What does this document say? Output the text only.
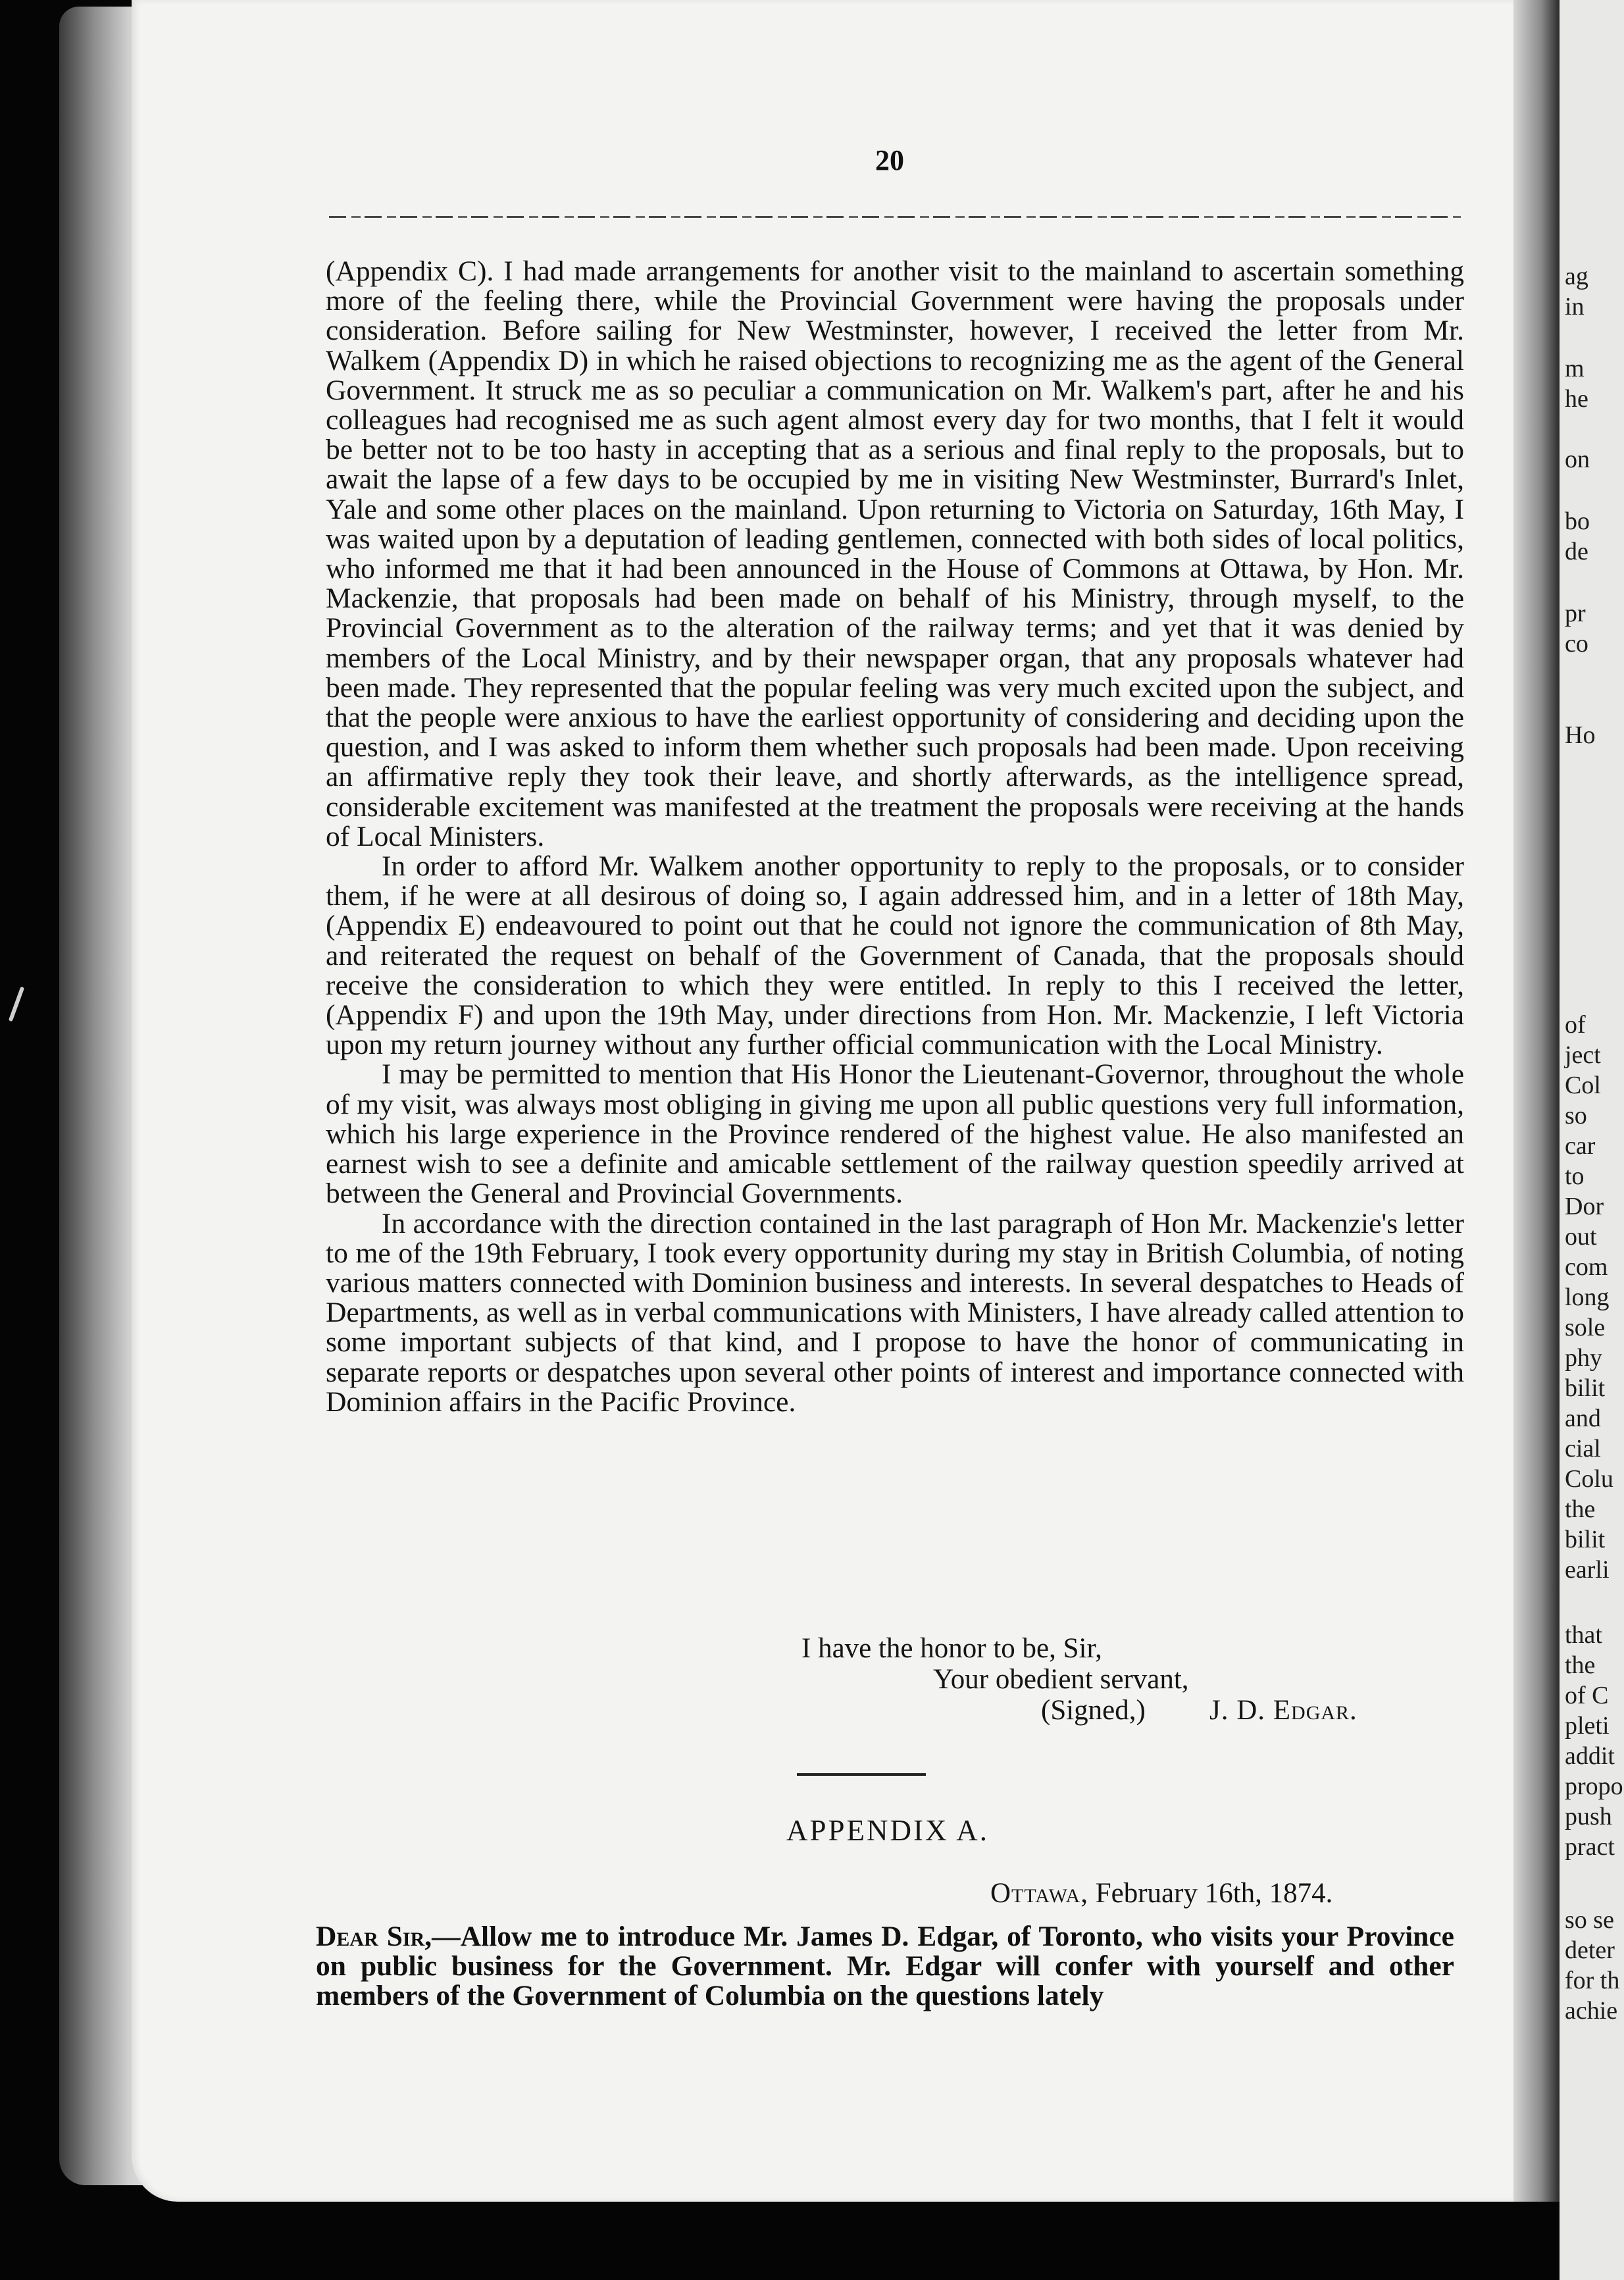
ag
in
m
he
on
bo
de
pr
co
Ho
of
ject
Col
so
car
to
Dor
out
com
long
sole
phy
bilit
and
cial
Colu
the
bilit
earli
that
the
of C
pleti
addit
propo
push
pract
so se
deter
for th
achie
20

(Appendix C). I had made arrangements for another visit to the mainland to ascertain something more of the feeling there, while the Provincial Government were having the proposals under consideration. Before sailing for New Westminster, however, I received the letter from Mr. Walkem (Appendix D) in which he raised objections to recognizing me as the agent of the General Government. It struck me as so peculiar a communication on Mr. Walkem's part, after he and his colleagues had recognised me as such agent almost every day for two months, that I felt it would be better not to be too hasty in accepting that as a serious and final reply to the proposals, but to await the lapse of a few days to be occupied by me in visiting New Westminster, Burrard's Inlet, Yale and some other places on the mainland. Upon returning to Victoria on Saturday, 16th May, I was waited upon by a deputation of leading gentlemen, connected with both sides of local politics, who informed me that it had been announced in the House of Commons at Ottawa, by Hon. Mr. Mackenzie, that proposals had been made on behalf of his Ministry, through myself, to the Provincial Government as to the alteration of the railway terms; and yet that it was denied by members of the Local Ministry, and by their newspaper organ, that any proposals whatever had been made. They represented that the popular feeling was very much excited upon the subject, and that the people were anxious to have the earliest opportunity of considering and deciding upon the question, and I was asked to inform them whether such proposals had been made. Upon receiving an affirmative reply they took their leave, and shortly afterwards, as the intelligence spread, considerable excitement was manifested at the treatment the proposals were receiving at the hands of Local Ministers.

In order to afford Mr. Walkem another opportunity to reply to the proposals, or to consider them, if he were at all desirous of doing so, I again addressed him, and in a letter of 18th May, (Appendix E) endeavoured to point out that he could not ignore the communication of 8th May, and reiterated the request on behalf of the Government of Canada, that the proposals should receive the consideration to which they were entitled. In reply to this I received the letter, (Appendix F) and upon the 19th May, under directions from Hon. Mr. Mackenzie, I left Victoria upon my return journey without any further official communication with the Local Ministry.

I may be permitted to mention that His Honor the Lieutenant-Governor, throughout the whole of my visit, was always most obliging in giving me upon all public questions very full information, which his large experience in the Province rendered of the highest value. He also manifested an earnest wish to see a definite and amicable settlement of the railway question speedily arrived at between the General and Provincial Governments.

In accordance with the direction contained in the last paragraph of Hon Mr. Mackenzie's letter to me of the 19th February, I took every opportunity during my stay in British Columbia, of noting various matters connected with Dominion business and interests. In several despatches to Heads of Departments, as well as in verbal communications with Ministers, I have already called attention to some important subjects of that kind, and I propose to have the honor of communicating in separate reports or despatches upon several other points of interest and importance connected with Dominion affairs in the Pacific Province.

I have the honor to be, Sir,
Your obedient servant,
(Signed,) J. D. Edgar.
APPENDIX A.
Ottawa, February 16th, 1874.
Dear Sir,—Allow me to introduce Mr. James D. Edgar, of Toronto, who visits your Province on public business for the Government. Mr. Edgar will confer with yourself and other members of the Government of Columbia on the questions lately
